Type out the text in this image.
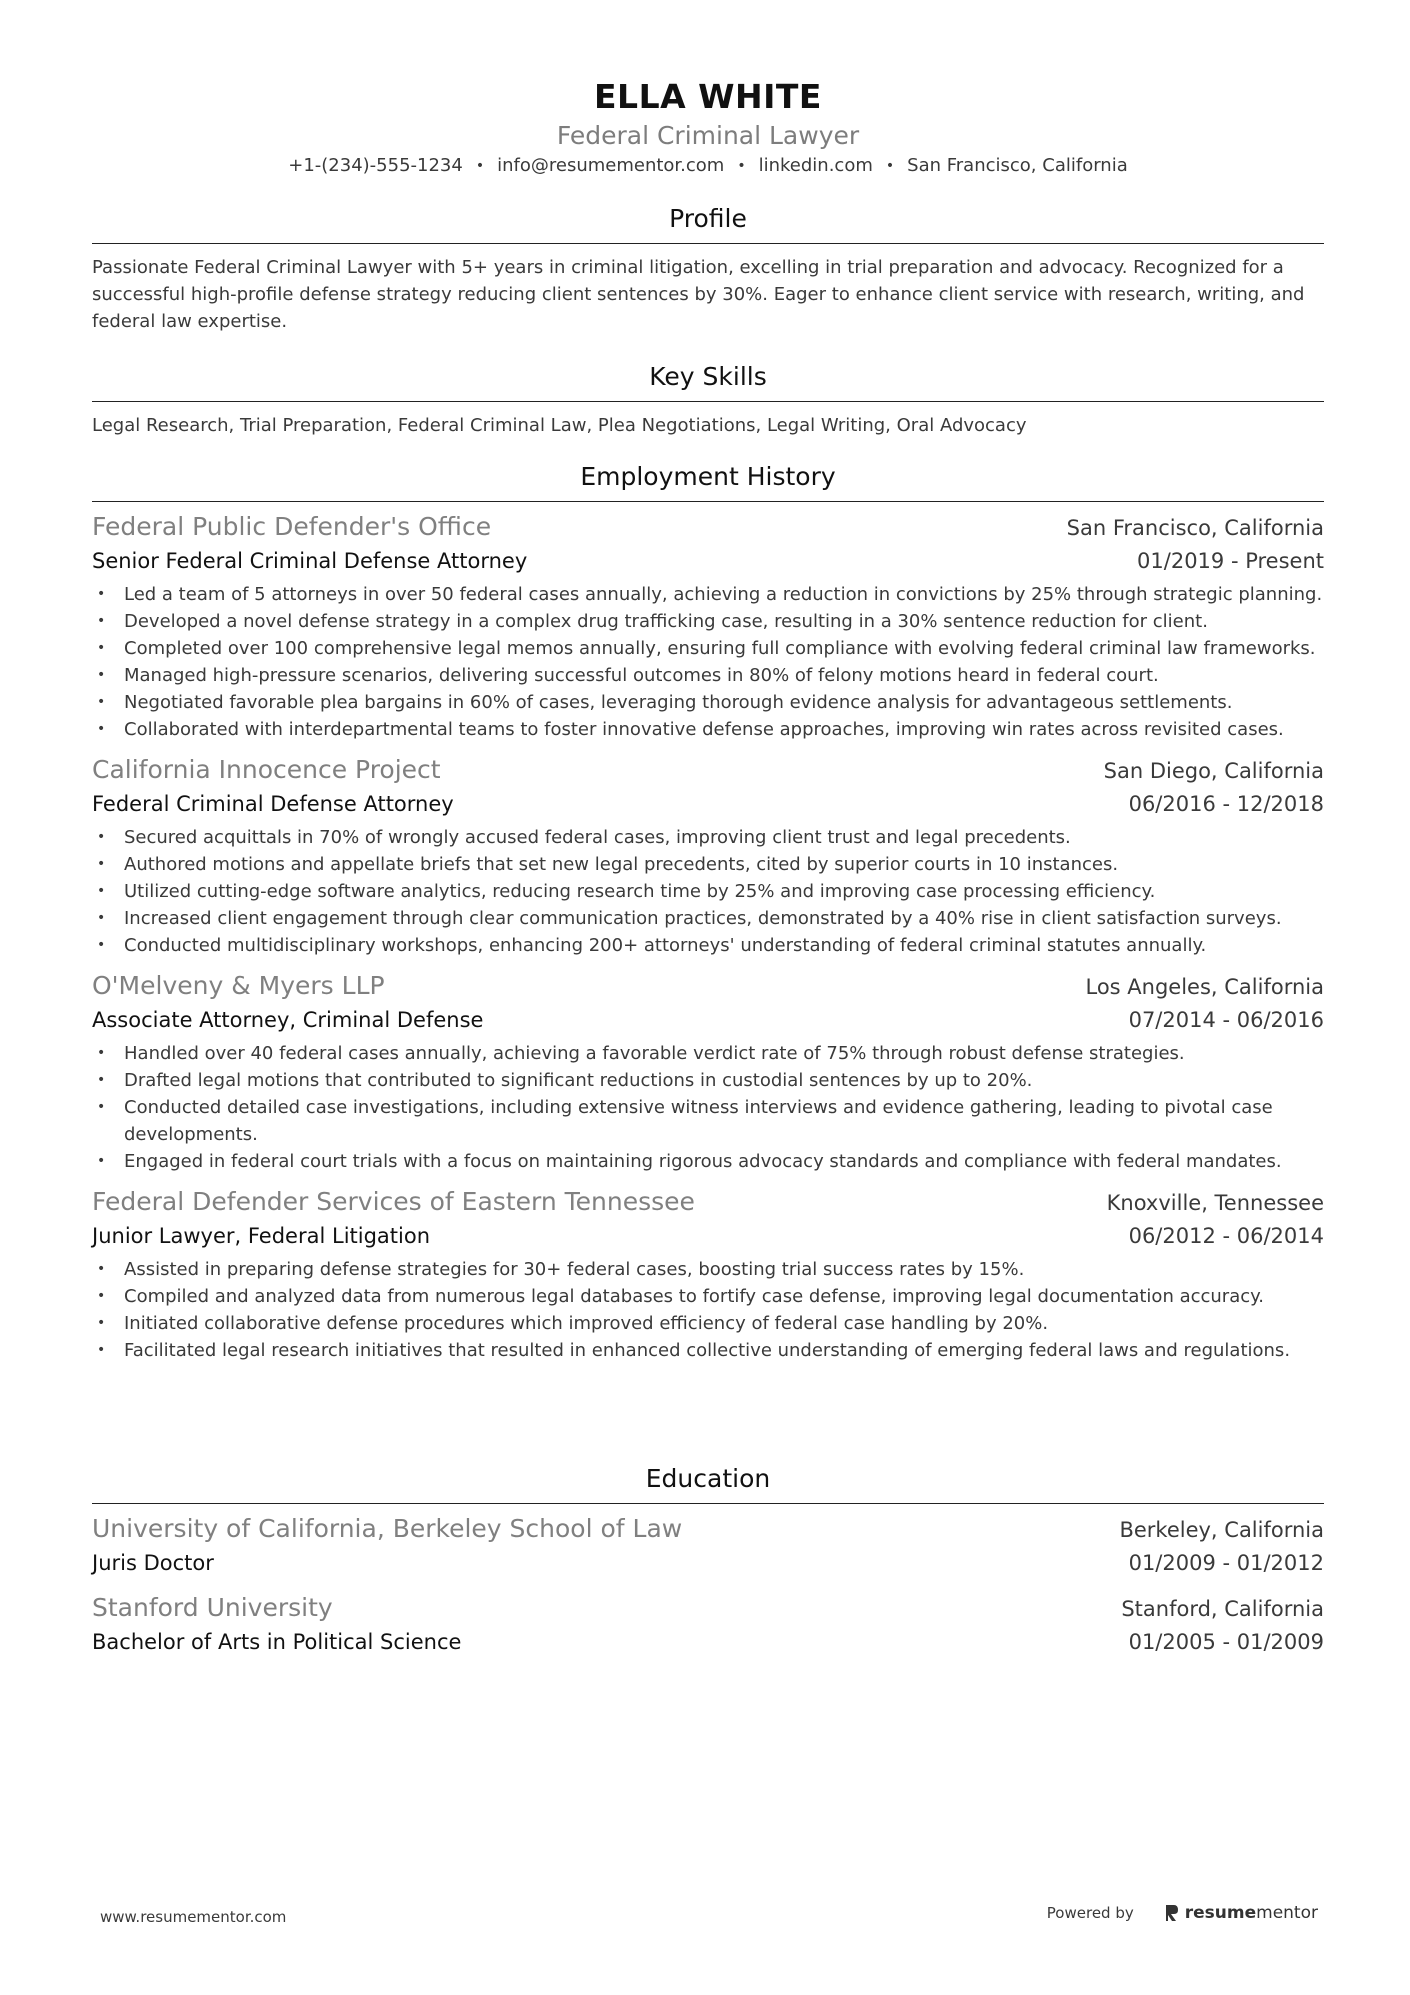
ELLA WHITE
Federal Criminal Lawyer
+1-(234)-555-1234 • info@resumementor.com • linkedin.com • San Francisco, California
Profile
Passionate Federal Criminal Lawyer with 5+ years in criminal litigation, excelling in trial preparation and advocacy. Recognized for a successful high-profile defense strategy reducing client sentences by 30%. Eager to enhance client service with research, writing, and federal law expertise.
Key Skills
Legal Research, Trial Preparation, Federal Criminal Law, Plea Negotiations, Legal Writing, Oral Advocacy
Employment History
Federal Public Defender's Office	San Francisco, California
Senior Federal Criminal Defense Attorney	01/2019 - Present
• Led a team of 5 attorneys in over 50 federal cases annually, achieving a reduction in convictions by 25% through strategic planning.
• Developed a novel defense strategy in a complex drug trafficking case, resulting in a 30% sentence reduction for client.
• Completed over 100 comprehensive legal memos annually, ensuring full compliance with evolving federal criminal law frameworks.
• Managed high-pressure scenarios, delivering successful outcomes in 80% of felony motions heard in federal court.
• Negotiated favorable plea bargains in 60% of cases, leveraging thorough evidence analysis for advantageous settlements.
• Collaborated with interdepartmental teams to foster innovative defense approaches, improving win rates across revisited cases.
California Innocence Project	San Diego, California
Federal Criminal Defense Attorney	06/2016 - 12/2018
• Secured acquittals in 70% of wrongly accused federal cases, improving client trust and legal precedents.
• Authored motions and appellate briefs that set new legal precedents, cited by superior courts in 10 instances.
• Utilized cutting-edge software analytics, reducing research time by 25% and improving case processing efficiency.
• Increased client engagement through clear communication practices, demonstrated by a 40% rise in client satisfaction surveys.
• Conducted multidisciplinary workshops, enhancing 200+ attorneys' understanding of federal criminal statutes annually.
O'Melveny & Myers LLP	Los Angeles, California
Associate Attorney, Criminal Defense	07/2014 - 06/2016
• Handled over 40 federal cases annually, achieving a favorable verdict rate of 75% through robust defense strategies.
• Drafted legal motions that contributed to significant reductions in custodial sentences by up to 20%.
• Conducted detailed case investigations, including extensive witness interviews and evidence gathering, leading to pivotal case developments.
• Engaged in federal court trials with a focus on maintaining rigorous advocacy standards and compliance with federal mandates.
Federal Defender Services of Eastern Tennessee	Knoxville, Tennessee
Junior Lawyer, Federal Litigation	06/2012 - 06/2014
• Assisted in preparing defense strategies for 30+ federal cases, boosting trial success rates by 15%.
• Compiled and analyzed data from numerous legal databases to fortify case defense, improving legal documentation accuracy.
• Initiated collaborative defense procedures which improved efficiency of federal case handling by 20%.
• Facilitated legal research initiatives that resulted in enhanced collective understanding of emerging federal laws and regulations.
Education
University of California, Berkeley School of Law	Berkeley, California
Juris Doctor	01/2009 - 01/2012
Stanford University	Stanford, California
Bachelor of Arts in Political Science	01/2005 - 01/2009
www.resumementor.com	Powered by	resume mentor
